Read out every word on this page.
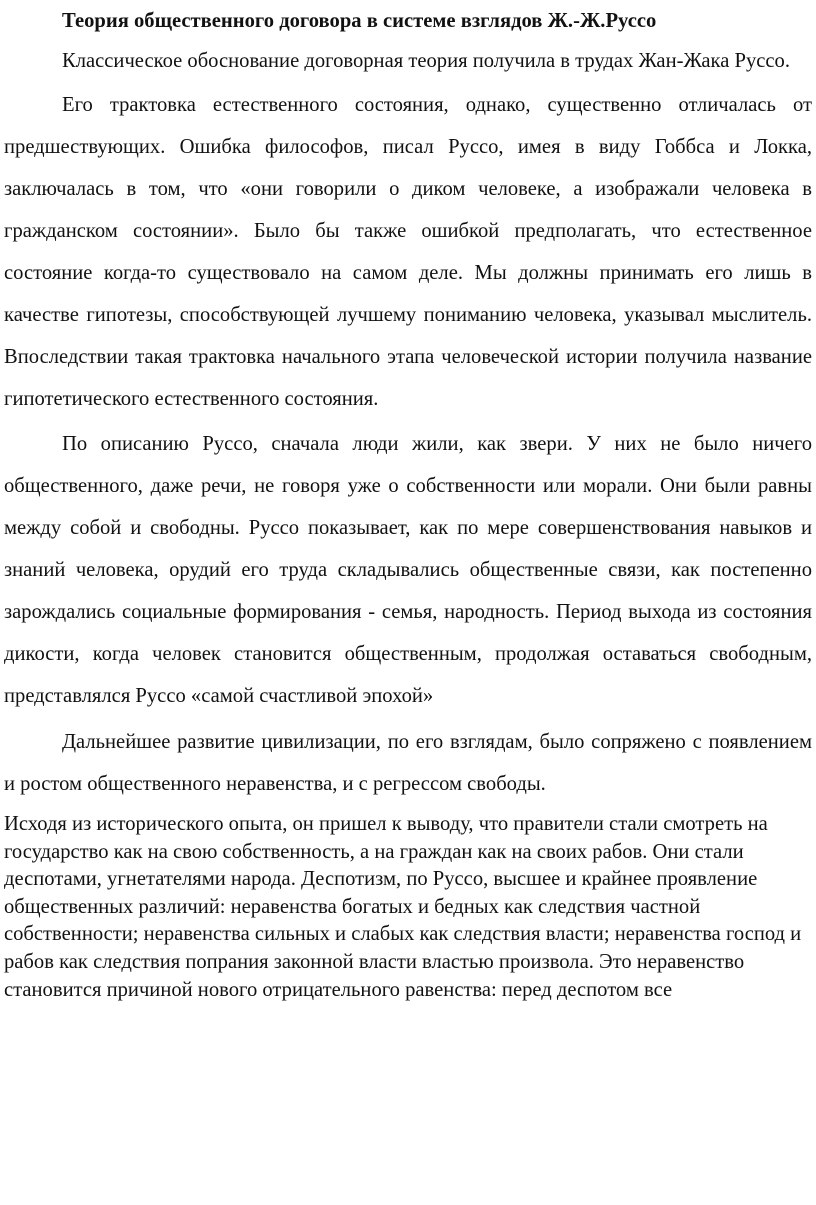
Теория общественного договора в системе взглядов Ж.-Ж.Руссо

Классическое обоснование договорная теория получила в трудах Жан-Жака Руссо.

Его трактовка естественного состояния, однако, существенно отличалась от предшествующих. Ошибка философов, писал Руссо, имея в виду Гоббса и Локка, заключалась в том, что «они говорили о диком человеке, а изображали человека в гражданском состоянии». Было бы также ошибкой предполагать, что естественное состояние когда-то существовало на самом деле. Мы должны принимать его лишь в качестве гипотезы, способствующей лучшему пониманию человека, указывал мыслитель. Впоследствии такая трактовка начального этапа человеческой истории получила название гипотетического естественного состояния.

По описанию Руссо, сначала люди жили, как звери. У них не было ничего общественного, даже речи, не говоря уже о собственности или морали. Они были равны между собой и свободны. Руссо показывает, как по мере совершенствования навыков и знаний человека, орудий его труда складывались общественные связи, как постепенно зарождались социальные формирования - семья, народность. Период выхода из состояния дикости, когда человек становится общественным, продолжая оставаться свободным, представлялся Руссо «самой счастливой эпохой»

Дальнейшее развитие цивилизации, по его взглядам, было сопряжено с появлением и ростом общественного неравенства, и с регрессом свободы.

Исходя из исторического опыта, он пришел к выводу, что правители стали смотреть на государство как на свою собственность, а на граждан как на своих рабов. Они стали деспотами, угнетателями народа. Деспотизм, по Руссо, высшее и крайнее проявление общественных различий: неравенства богатых и бедных как следствия частной собственности; неравенства сильных и слабых как следствия власти; неравенства господ и рабов как следствия попрания законной власти властью произвола. Это неравенство становится причиной нового отрицательного равенства: перед деспотом все
